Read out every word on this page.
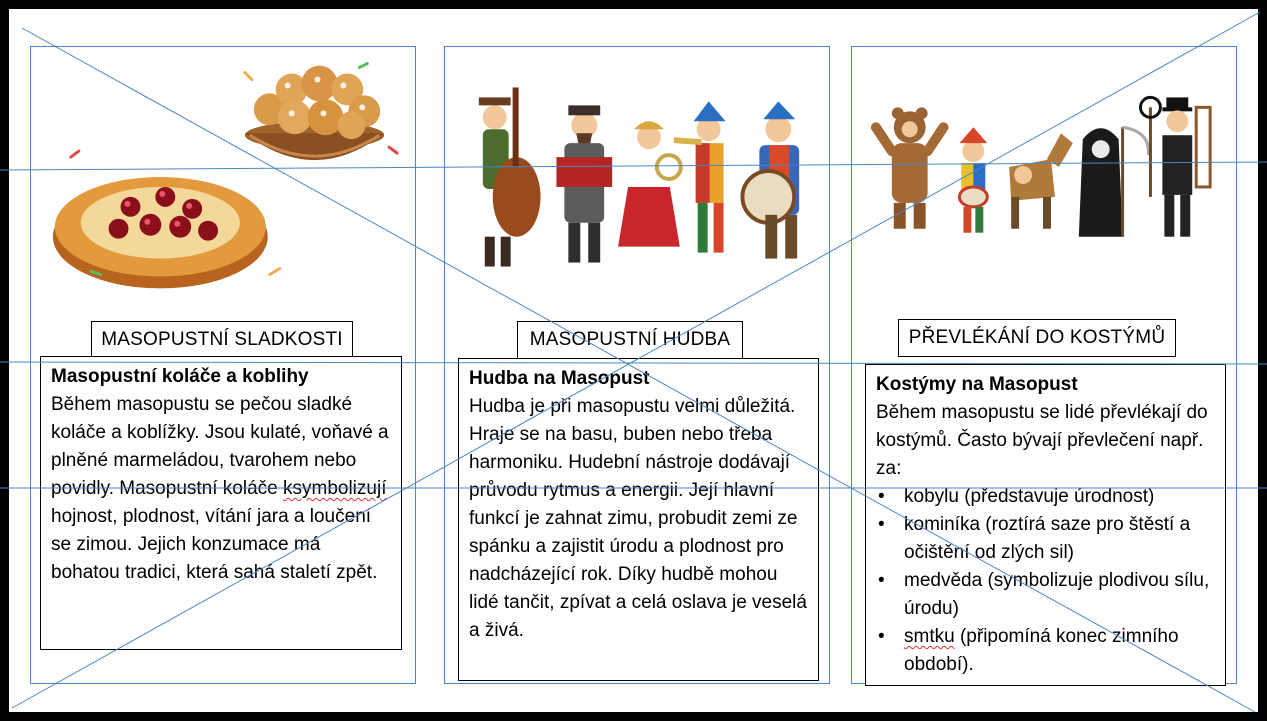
MASOPUSTNÍ SLADKOSTI	MASOPUSTNÍ HUDBA	PŘEVLÉKÁNÍ DO KOSTÝMŮ
Masopustní koláče a koblihy
Během masopustu se pečou sladké koláče a koblížky. Jsou kulaté, voňavé a plněné marmeládou, tvarohem nebo povidly. Masopustní koláče ksymbolizují hojnost, plodnost, vítání jara a loučení se zimou. Jejich konzumace má bohatou tradici, která sahá staletí zpět.
Hudba na Masopust
Hudba je při masopustu velmi důležitá. Hraje se na basu, buben nebo třeba harmoniku. Hudební nástroje dodávají průvodu rytmus a energii. Její hlavní funkcí je zahnat zimu, probudit zemi ze spánku a zajistit úrodu a plodnost pro nadcházející rok. Díky hudbě mohou lidé tančit, zpívat a celá oslava je veselá a živá.
Kostýmy na Masopust
Během masopustu se lidé převlékají do kostýmů. Často bývají převlečení např. za:
• kobylu (představuje úrodnost)
• kominíka (roztírá saze pro štěstí a očištění od zlých sil)
• medvěda (symbolizuje plodivou sílu, úrodu)
• smtku (připomíná konec zimního období).
